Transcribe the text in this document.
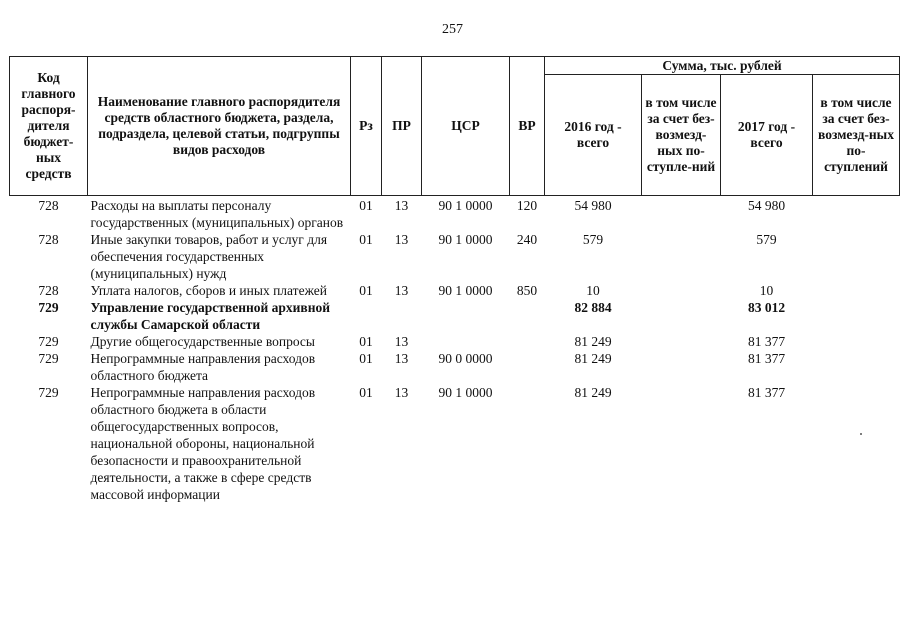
257
Код главного распоря-дителя бюджет-ных средств	Наименование главного распорядителя средств областного бюджета, раздела, подраздела, целевой статьи, подгруппы видов расходов	Рз	ПР	ЦСР	ВР	Сумма, тыс. рублей			
						2016 год - всего	в том числе за счет без-возмезд-ных по-ступле-ний	2017 год - всего	в том числе за счет без-возмезд-ных по-ступлений
728	Расходы на выплаты персоналу государственных (муниципальных) органов	01	13	90 1 0000	120	54 980		54 980	
728	Иные закупки товаров, работ и услуг для обеспечения государственных (муниципальных) нужд	01	13	90 1 0000	240	579		579	
728	Уплата налогов, сборов и иных платежей	01	13	90 1 0000	850	10		10	
729	Управление государственной архивной службы Самарской области					82 884		83 012	
729	Другие общегосударственные вопросы	01	13			81 249		81 377	
729	Непрограммные направления расходов областного бюджета	01	13	90 0 0000		81 249		81 377	
729	Непрограммные направления расходов областного бюджета в области общегосударственных вопросов, национальной обороны, национальной безопасности и правоохранительной деятельности, а также в сфере средств массовой информации	01	13	90 1 0000		81 249		81 377	
